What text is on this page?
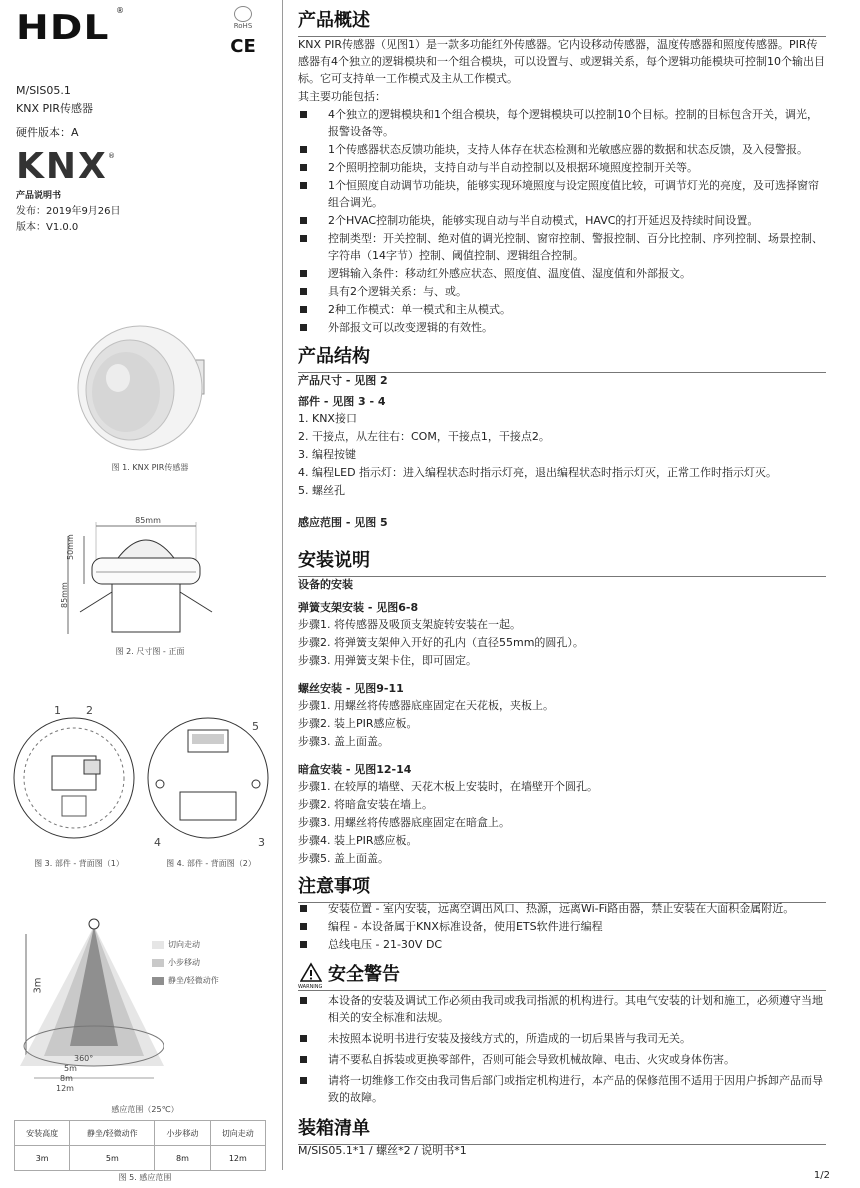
HDL ®
RoHS
CE
M/SIS05.1
KNX PIR传感器
硬件版本：A
KNX ®
产品说明书
发布：2019年9月26日
版本：V1.0.0
图 1. KNX PIR传感器
85mm
50mm
85mm
图 2. 尺寸图 - 正面
1 2
5
4	3
图 3. 部件 - 背面图（1）	图 4. 部件 - 背面图（2）
3m
360°
5m
8m
12m
切向走动
小步移动
静坐/轻微动作
感应范围（25℃）
安装高度	静坐/轻微动作	小步移动	切向走动
3m	5m	8m	12m
图 5. 感应范围
产品概述
KNX PIR传感器（见图1）是一款多功能红外传感器。它内设移动传感器，温度传感器和照度传感器。PIR传感器有4个独立的逻辑模块和一个组合模块，可以设置与、或逻辑关系，每个逻辑功能模块可控制10个输出目标。它可支持单一工作模式及主从工作模式。
其主要功能包括：
4个独立的逻辑模块和1个组合模块，每个逻辑模块可以控制10个目标。控制的目标包含开关，调光，报警设备等。
1个传感器状态反馈功能块，支持人体存在状态检测和光敏感应器的数据和状态反馈，及入侵警报。
2个照明控制功能块，支持自动与半自动控制以及根据环境照度控制开关等。
1个恒照度自动调节功能块，能够实现环境照度与设定照度值比较，可调节灯光的亮度，及可选择窗帘组合调光。
2个HVAC控制功能块，能够实现自动与半自动模式，HAVC的打开延迟及持续时间设置。
控制类型：开关控制、绝对值的调光控制、窗帘控制、警报控制、百分比控制、序列控制、场景控制、字符串（14字节）控制、阈值控制、逻辑组合控制。
逻辑输入条件：移动红外感应状态、照度值、温度值、湿度值和外部报文。
具有2个逻辑关系：与、或。
2种工作模式：单一模式和主从模式。
外部报文可以改变逻辑的有效性。
产品结构
产品尺寸 - 见图 2
部件 - 见图 3 - 4
1. KNX接口
2. 干接点，从左往右：COM，干接点1，干接点2。
3. 编程按键
4. 编程LED 指示灯：进入编程状态时指示灯亮，退出编程状态时指示灯灭，正常工作时指示灯灭。
5. 螺丝孔
感应范围 - 见图 5
安装说明
设备的安装
弹簧支架安装 - 见图6-8
步骤1. 将传感器及吸顶支架旋转安装在一起。
步骤2. 将弹簧支架伸入开好的孔内（直径55mm的圆孔）。
步骤3. 用弹簧支架卡住，即可固定。
螺丝安装 - 见图9-11
步骤1. 用螺丝将传感器底座固定在天花板，夹板上。
步骤2. 装上PIR感应板。
步骤3. 盖上面盖。
暗盒安装 - 见图12-14
步骤1. 在较厚的墙壁、天花木板上安装时，在墙壁开个圆孔。
步骤2. 将暗盒安装在墙上。
步骤3. 用螺丝将传感器底座固定在暗盒上。
步骤4. 装上PIR感应板。
步骤5. 盖上面盖。
注意事项
安装位置 - 室内安装，远离空调出风口、热源，远离Wi-Fi路由器，禁止安装在大面积金属附近。
编程 - 本设备属于KNX标准设备，使用ETS软件进行编程
总线电压 - 21-30V DC
安全警告
WARNING
本设备的安装及调试工作必须由我司或我司指派的机构进行。其电气安装的计划和施工，必须遵守当地相关的安全标准和法规。
未按照本说明书进行安装及接线方式的，所造成的一切后果皆与我司无关。
请不要私自拆装或更换零部件，否则可能会导致机械故障、电击、火灾或身体伤害。
请将一切维修工作交由我司售后部门或指定机构进行，本产品的保修范围不适用于因用户拆卸产品而导致的故障。
装箱清单
M/SIS05.1*1 / 螺丝*2 / 说明书*1
1/2
